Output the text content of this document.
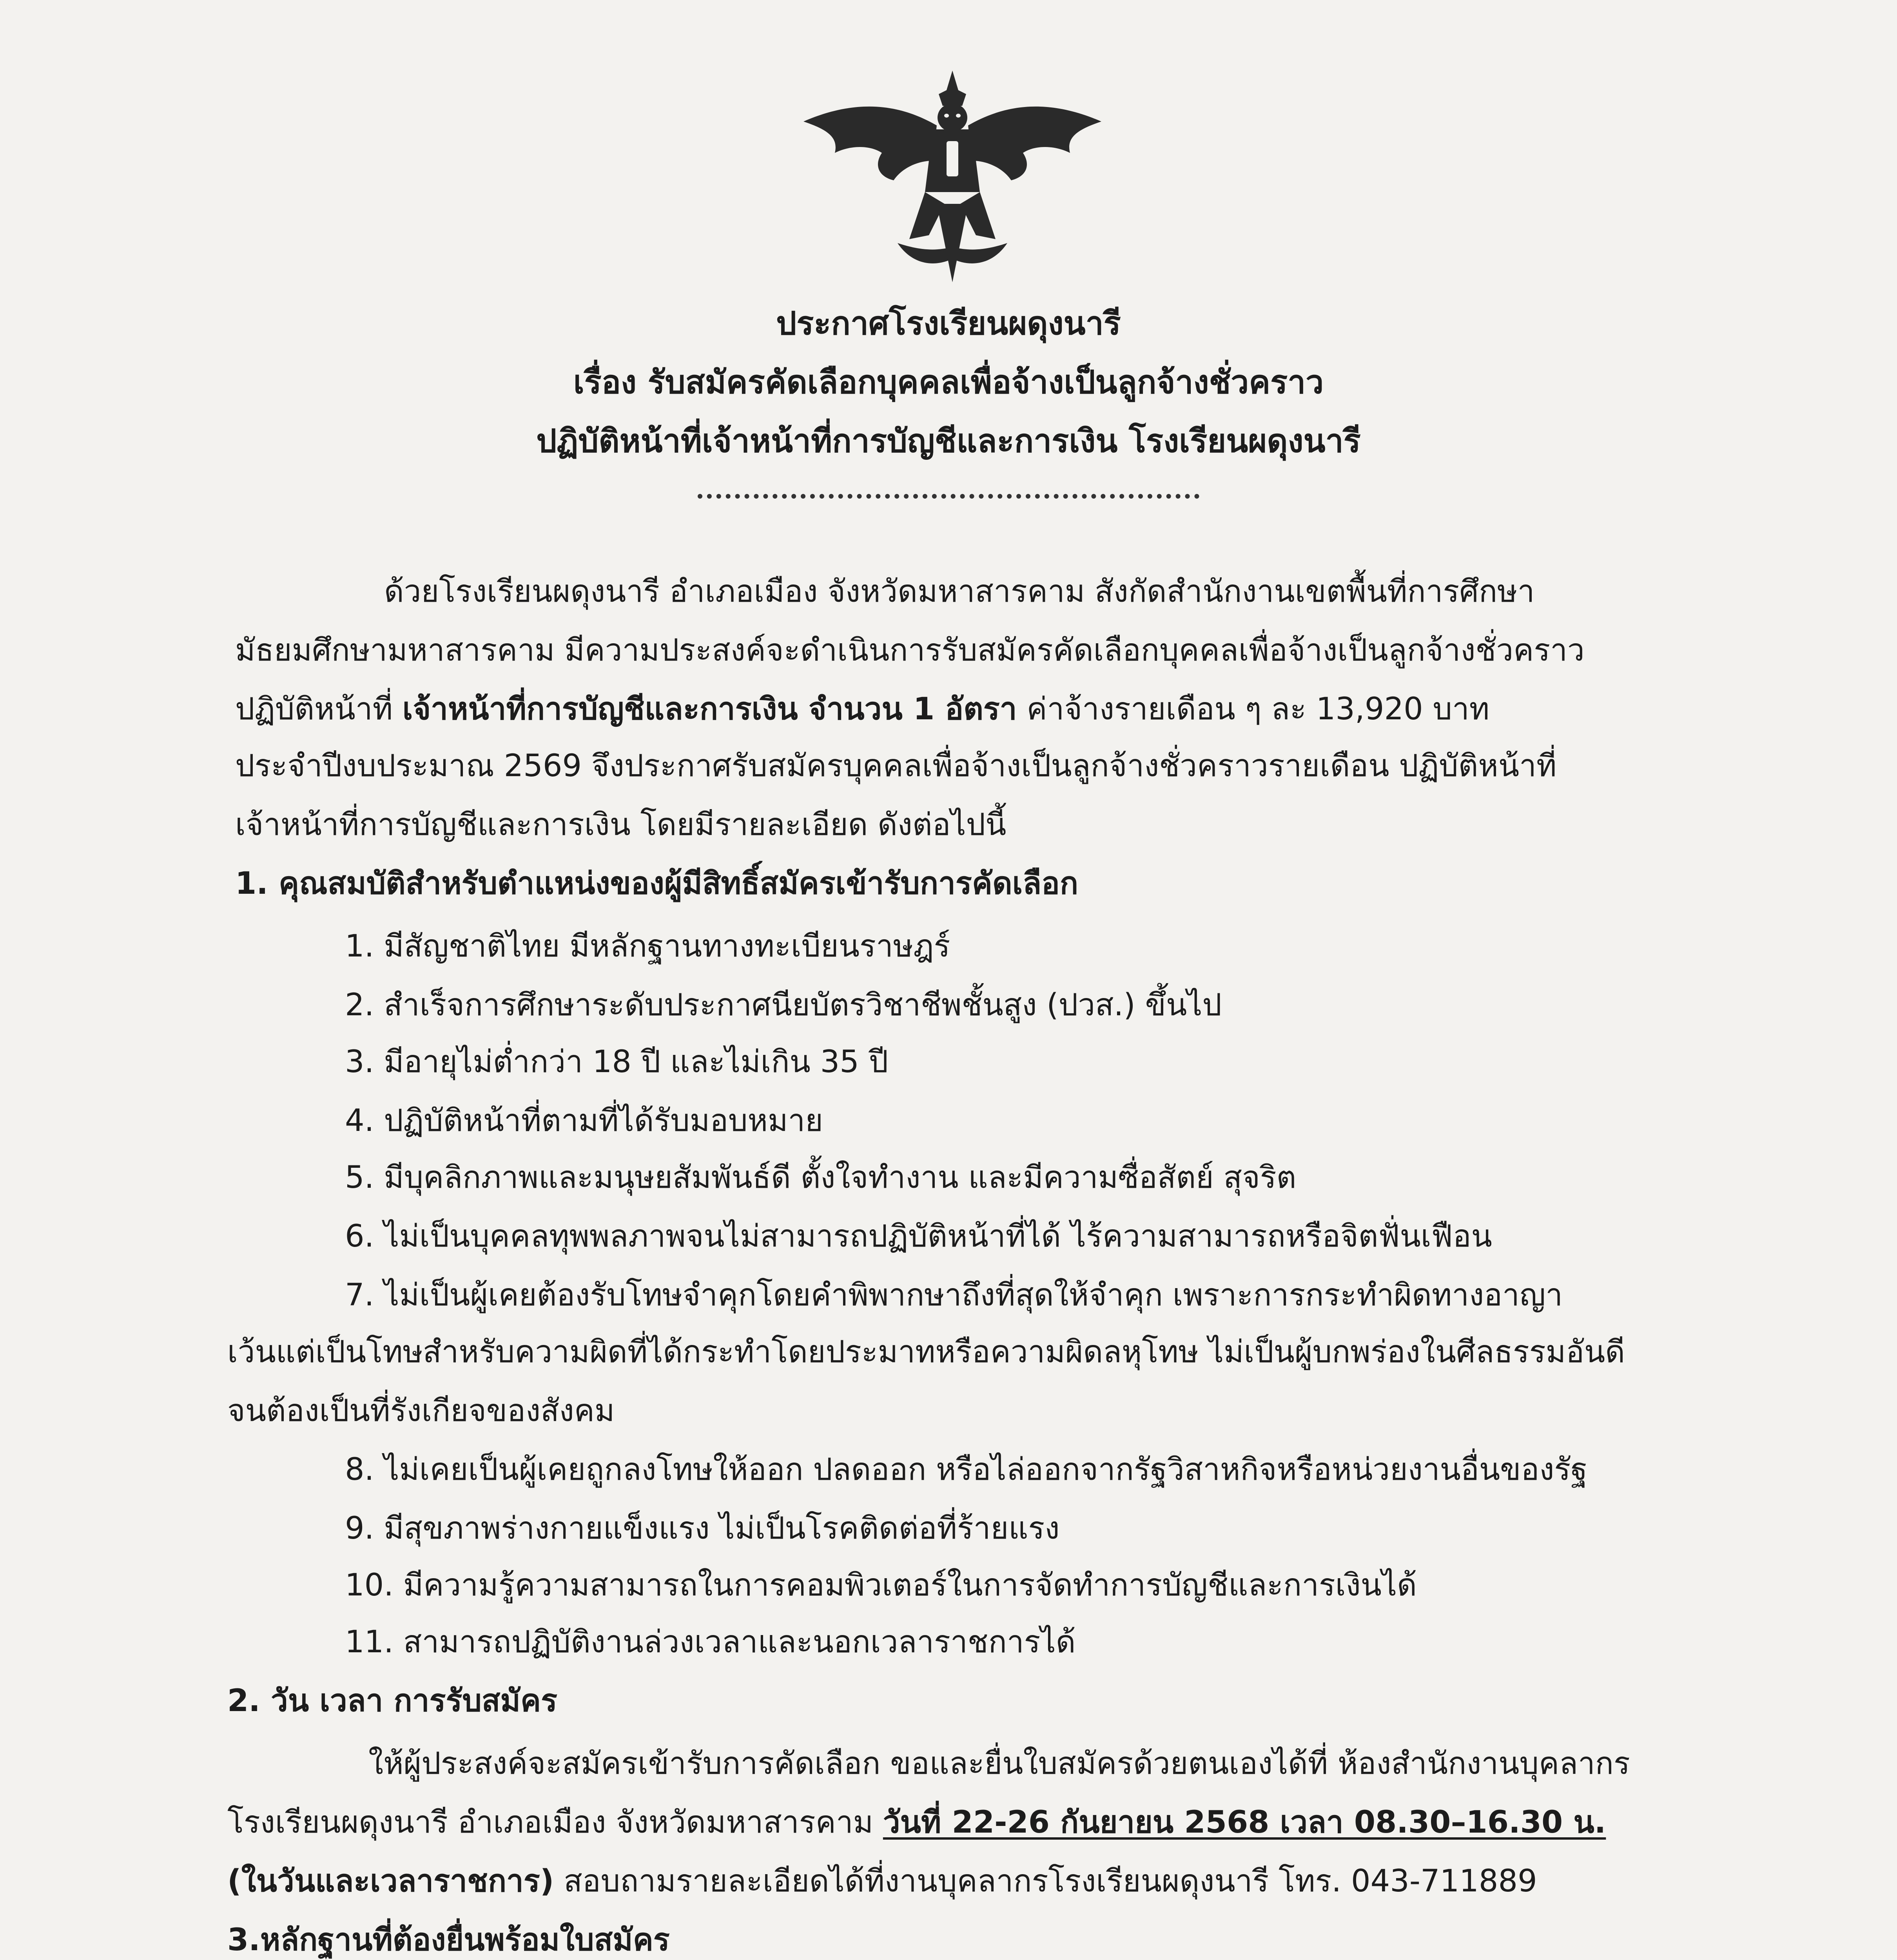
ประกาศโรงเรียนผดุงนารี
เรื่อง รับสมัครคัดเลือกบุคคลเพื่อจ้างเป็นลูกจ้างชั่วคราว
ปฏิบัติหน้าที่เจ้าหน้าที่การบัญชีและการเงิน โรงเรียนผดุงนารี
ด้วยโรงเรียนผดุงนารี อำเภอเมือง จังหวัดมหาสารคาม สังกัดสำนักงานเขตพื้นที่การศึกษา
มัธยมศึกษามหาสารคาม มีความประสงค์จะดำเนินการรับสมัครคัดเลือกบุคคลเพื่อจ้างเป็นลูกจ้างชั่วคราว
ปฏิบัติหน้าที่ เจ้าหน้าที่การบัญชีและการเงิน จำนวน 1 อัตรา ค่าจ้างรายเดือน ๆ ละ 13,920 บาท
ประจำปีงบประมาณ 2569 จึงประกาศรับสมัครบุคคลเพื่อจ้างเป็นลูกจ้างชั่วคราวรายเดือน ปฏิบัติหน้าที่
เจ้าหน้าที่การบัญชีและการเงิน โดยมีรายละเอียด ดังต่อไปนี้
1. คุณสมบัติสำหรับตำแหน่งของผู้มีสิทธิ์สมัครเข้ารับการคัดเลือก
1. มีสัญชาติไทย มีหลักฐานทางทะเบียนราษฎร์
2. สำเร็จการศึกษาระดับประกาศนียบัตรวิชาชีพชั้นสูง (ปวส.) ขึ้นไป
3. มีอายุไม่ต่ำกว่า 18 ปี และไม่เกิน 35 ปี
4. ปฏิบัติหน้าที่ตามที่ได้รับมอบหมาย
5. มีบุคลิกภาพและมนุษยสัมพันธ์ดี ตั้งใจทำงาน และมีความซื่อสัตย์ สุจริต
6. ไม่เป็นบุคคลทุพพลภาพจนไม่สามารถปฏิบัติหน้าที่ได้ ไร้ความสามารถหรือจิตฟั่นเฟือน
7. ไม่เป็นผู้เคยต้องรับโทษจำคุกโดยคำพิพากษาถึงที่สุดให้จำคุก เพราะการกระทำผิดทางอาญา
เว้นแต่เป็นโทษสำหรับความผิดที่ได้กระทำโดยประมาทหรือความผิดลหุโทษ ไม่เป็นผู้บกพร่องในศีลธรรมอันดี
จนต้องเป็นที่รังเกียจของสังคม
8. ไม่เคยเป็นผู้เคยถูกลงโทษให้ออก ปลดออก หรือไล่ออกจากรัฐวิสาหกิจหรือหน่วยงานอื่นของรัฐ
9. มีสุขภาพร่างกายแข็งแรง ไม่เป็นโรคติดต่อที่ร้ายแรง
10. มีความรู้ความสามารถในการคอมพิวเตอร์ในการจัดทำการบัญชีและการเงินได้
11. สามารถปฏิบัติงานล่วงเวลาและนอกเวลาราชการได้
2. วัน เวลา การรับสมัคร
ให้ผู้ประสงค์จะสมัครเข้ารับการคัดเลือก ขอและยื่นใบสมัครด้วยตนเองได้ที่ ห้องสำนักงานบุคลากร
โรงเรียนผดุงนารี อำเภอเมือง จังหวัดมหาสารคาม วันที่ 22-26 กันยายน 2568 เวลา 08.30–16.30 น.
(ในวันและเวลาราชการ) สอบถามรายละเอียดได้ที่งานบุคลากรโรงเรียนผดุงนารี โทร. 043-711889
3.หลักฐานที่ต้องยื่นพร้อมใบสมัคร
